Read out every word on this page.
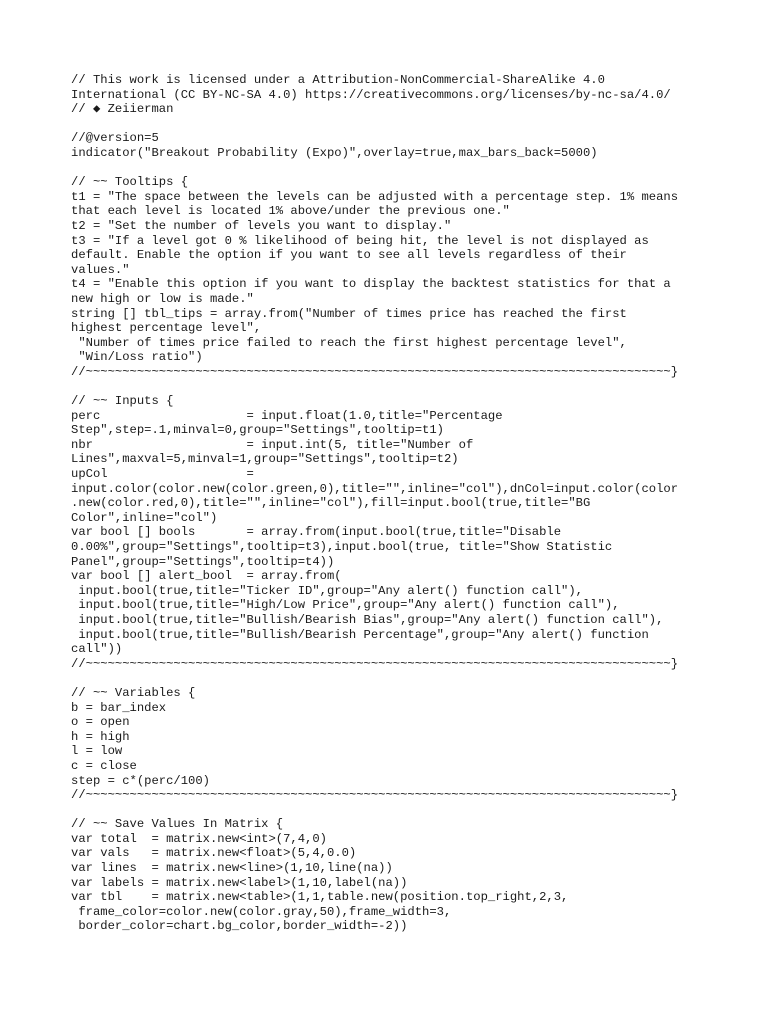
// This work is licensed under a Attribution-NonCommercial-ShareAlike 4.0
International (CC BY-NC-SA 4.0) https://creativecommons.org/licenses/by-nc-sa/4.0/
// ◆ Zeiierman
//@version=5
indicator("Breakout Probability (Expo)",overlay=true,max_bars_back=5000)
// ~~ Tooltips {
t1 = "The space between the levels can be adjusted with a percentage step. 1% means
that each level is located 1% above/under the previous one."
t2 = "Set the number of levels you want to display."
t3 = "If a level got 0 % likelihood of being hit, the level is not displayed as
default. Enable the option if you want to see all levels regardless of their
values."
t4 = "Enable this option if you want to display the backtest statistics for that a
new high or low is made."
string [] tbl_tips = array.from("Number of times price has reached the first
highest percentage level",
"Number of times price failed to reach the first highest percentage level",
"Win/Loss ratio")
//~~~~~~~~~~~~~~~~~~~~~~~~~~~~~~~~~~~~~~~~~~~~~~~~~~~~~~~~~~~~~~~~~~~~~~~~~~~~~~~~}
// ~~ Inputs {
perc                    = input.float(1.0,title="Percentage
Step",step=.1,minval=0,group="Settings",tooltip=t1)
nbr                     = input.int(5, title="Number of
Lines",maxval=5,minval=1,group="Settings",tooltip=t2)
upCol                   =
input.color(color.new(color.green,0),title="",inline="col"),dnCol=input.color(color
.new(color.red,0),title="",inline="col"),fill=input.bool(true,title="BG
Color",inline="col")
var bool [] bools       = array.from(input.bool(true,title="Disable
0.00%",group="Settings",tooltip=t3),input.bool(true, title="Show Statistic
Panel",group="Settings",tooltip=t4))
var bool [] alert_bool  = array.from(
input.bool(true,title="Ticker ID",group="Any alert() function call"),
input.bool(true,title="High/Low Price",group="Any alert() function call"),
input.bool(true,title="Bullish/Bearish Bias",group="Any alert() function call"),
input.bool(true,title="Bullish/Bearish Percentage",group="Any alert() function
call"))
//~~~~~~~~~~~~~~~~~~~~~~~~~~~~~~~~~~~~~~~~~~~~~~~~~~~~~~~~~~~~~~~~~~~~~~~~~~~~~~~~}
// ~~ Variables {
b = bar_index
o = open
h = high
l = low
c = close
step = c*(perc/100)
//~~~~~~~~~~~~~~~~~~~~~~~~~~~~~~~~~~~~~~~~~~~~~~~~~~~~~~~~~~~~~~~~~~~~~~~~~~~~~~~~}
// ~~ Save Values In Matrix {
var total  = matrix.new<int>(7,4,0)
var vals   = matrix.new<float>(5,4,0.0)
var lines  = matrix.new<line>(1,10,line(na))
var labels = matrix.new<label>(1,10,label(na))
var tbl    = matrix.new<table>(1,1,table.new(position.top_right,2,3,
frame_color=color.new(color.gray,50),frame_width=3,
border_color=chart.bg_color,border_width=-2))
